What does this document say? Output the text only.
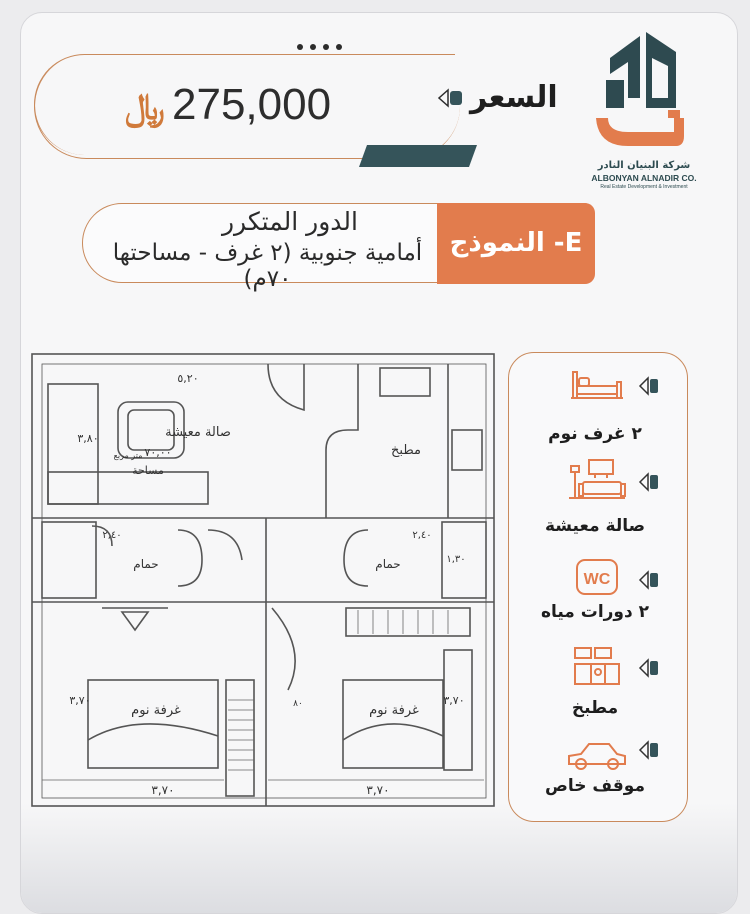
﷼ 275,000	السعر
شركة البنيان النادر
ALBONYAN ALNADIR CO.
Real Estate Development & Investment
النموذج -E
الدور المتكرر
أمامية جنوبية (٢ غرف - مساحتها ٧٠م)
صالة معيشة
٧٠,٠٠
متر مربع
مساحة
٥,٢٠
٣,٨٠
مطبخ
حمام	حمام
٢,٤٠	٢,٤٠
١,٣٠
غرفة نوم	غرفة نوم
٣,٧٠	٣,٧٠
٣,٧٠	٣,٧٠
٨٠
٢ غرف نوم
صالة معيشة
WC
٢ دورات مياه
مطبخ
موقف خاص
